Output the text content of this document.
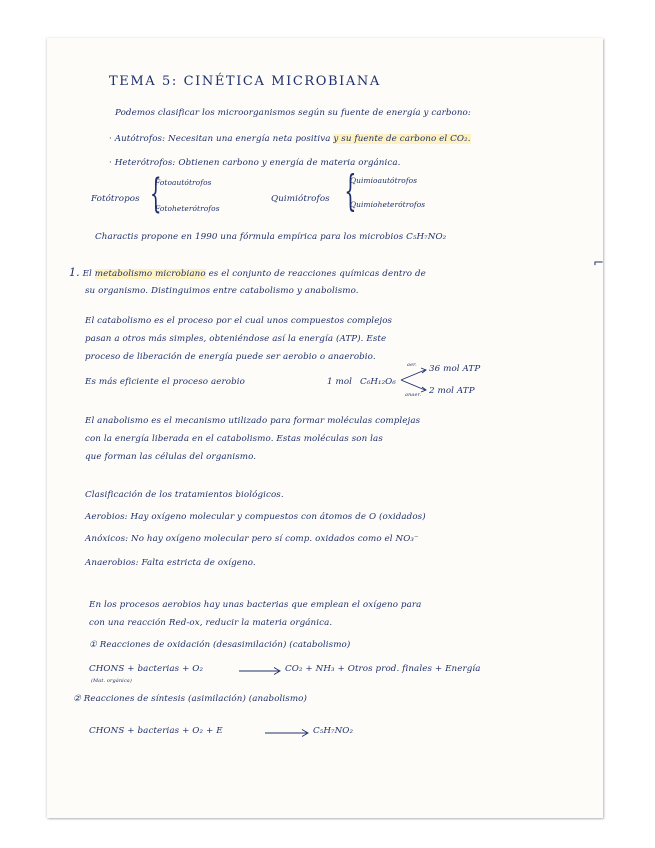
TEMA 5: CINÉTICA MICROBIANA
Podemos clasificar los microorganismos según su fuente de energía y carbono:
· Autótrofos: Necesitan una energía neta positiva y su fuente de carbono el CO₂.
· Heterótrofos: Obtienen carbono y energía de materia orgánica.
Fotótropos {
Fotoautótrofos
Fotoheterótrofos
Quimiótrofos {
Quimioautótrofos
Quimioheterótrofos
Charactis propone en 1990 una fórmula empírica para los microbios C₅H₇NO₂
1. El metabolismo microbiano es el conjunto de reacciones químicas dentro de
su organismo. Distinguimos entre catabolismo y anabolismo.
El catabolismo es el proceso por el cual unos compuestos complejos
pasan a otros más simples, obteniéndose así la energía (ATP). Este
proceso de liberación de energía puede ser aerobio o anaerobio.
Es más eficiente el proceso aerobio	1 mol C₆H₁₂O₆
aer.
anaer.
36 mol ATP
2 mol ATP
El anabolismo es el mecanismo utilizado para formar moléculas complejas
con la energía liberada en el catabolismo. Estas moléculas son las
que forman las células del organismo.
Clasificación de los tratamientos biológicos.
Aerobios: Hay oxígeno molecular y compuestos con átomos de O (oxidados)
Anóxicos: No hay oxígeno molecular pero sí comp. oxidados como el NO₃⁻
Anaerobios: Falta estricta de oxígeno.
En los procesos aerobios hay unas bacterias que emplean el oxígeno para
con una reacción Red-ox, reducir la materia orgánica.
① Reacciones de oxidación (desasimilación) (catabolismo)
CHONS + bacterias + O₂	CO₂ + NH₃ + Otros prod. finales + Energía
(Mat. orgánica)
② Reacciones de síntesis (asimilación) (anabolismo)
CHONS + bacterias + O₂ + E	C₅H₇NO₂
⌐
